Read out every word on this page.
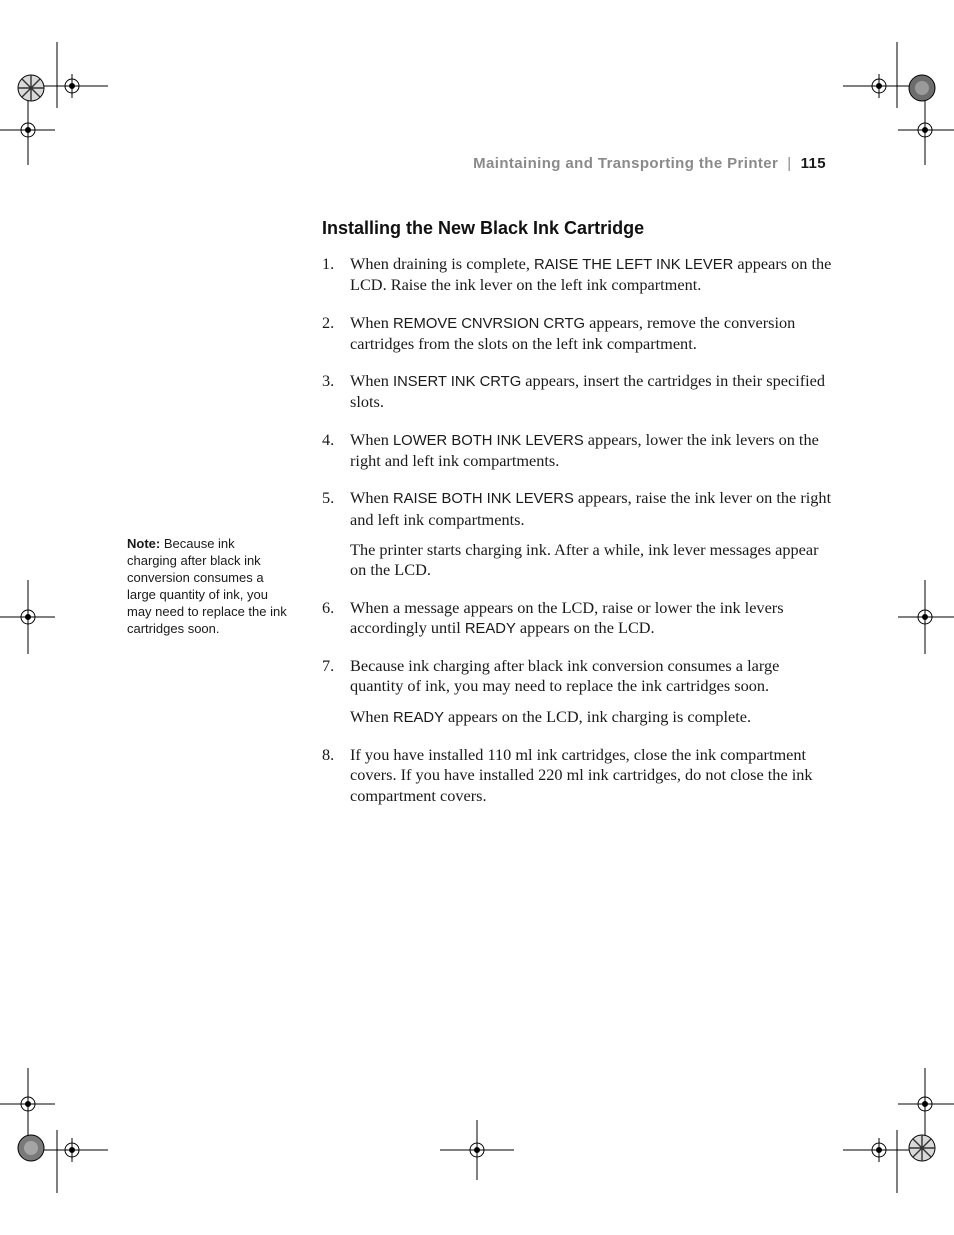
Maintaining and Transporting the Printer | 115
Installing the New Black Ink Cartridge
1. When draining is complete, RAISE THE LEFT INK LEVER appears on the LCD. Raise the ink lever on the left ink compartment.

2. When REMOVE CNVRSION CRTG appears, remove the conversion cartridges from the slots on the left ink compartment.

3. When INSERT INK CRTG appears, insert the cartridges in their specified slots.

4. When LOWER BOTH INK LEVERS appears, lower the ink levers on the right and left ink compartments.

5. When RAISE BOTH INK LEVERS appears, raise the ink lever on the right and left ink compartments.

The printer starts charging ink. After a while, ink lever messages appear on the LCD.

6. When a message appears on the LCD, raise or lower the ink levers accordingly until READY appears on the LCD.

7. Because ink charging after black ink conversion consumes a large quantity of ink, you may need to replace the ink cartridges soon.

When READY appears on the LCD, ink charging is complete.

8. If you have installed 110 ml ink cartridges, close the ink compartment covers. If you have installed 220 ml ink cartridges, do not close the ink compartment covers.

Note: Because ink charging after black ink conversion consumes a large quantity of ink, you may need to replace the ink cartridges soon.
